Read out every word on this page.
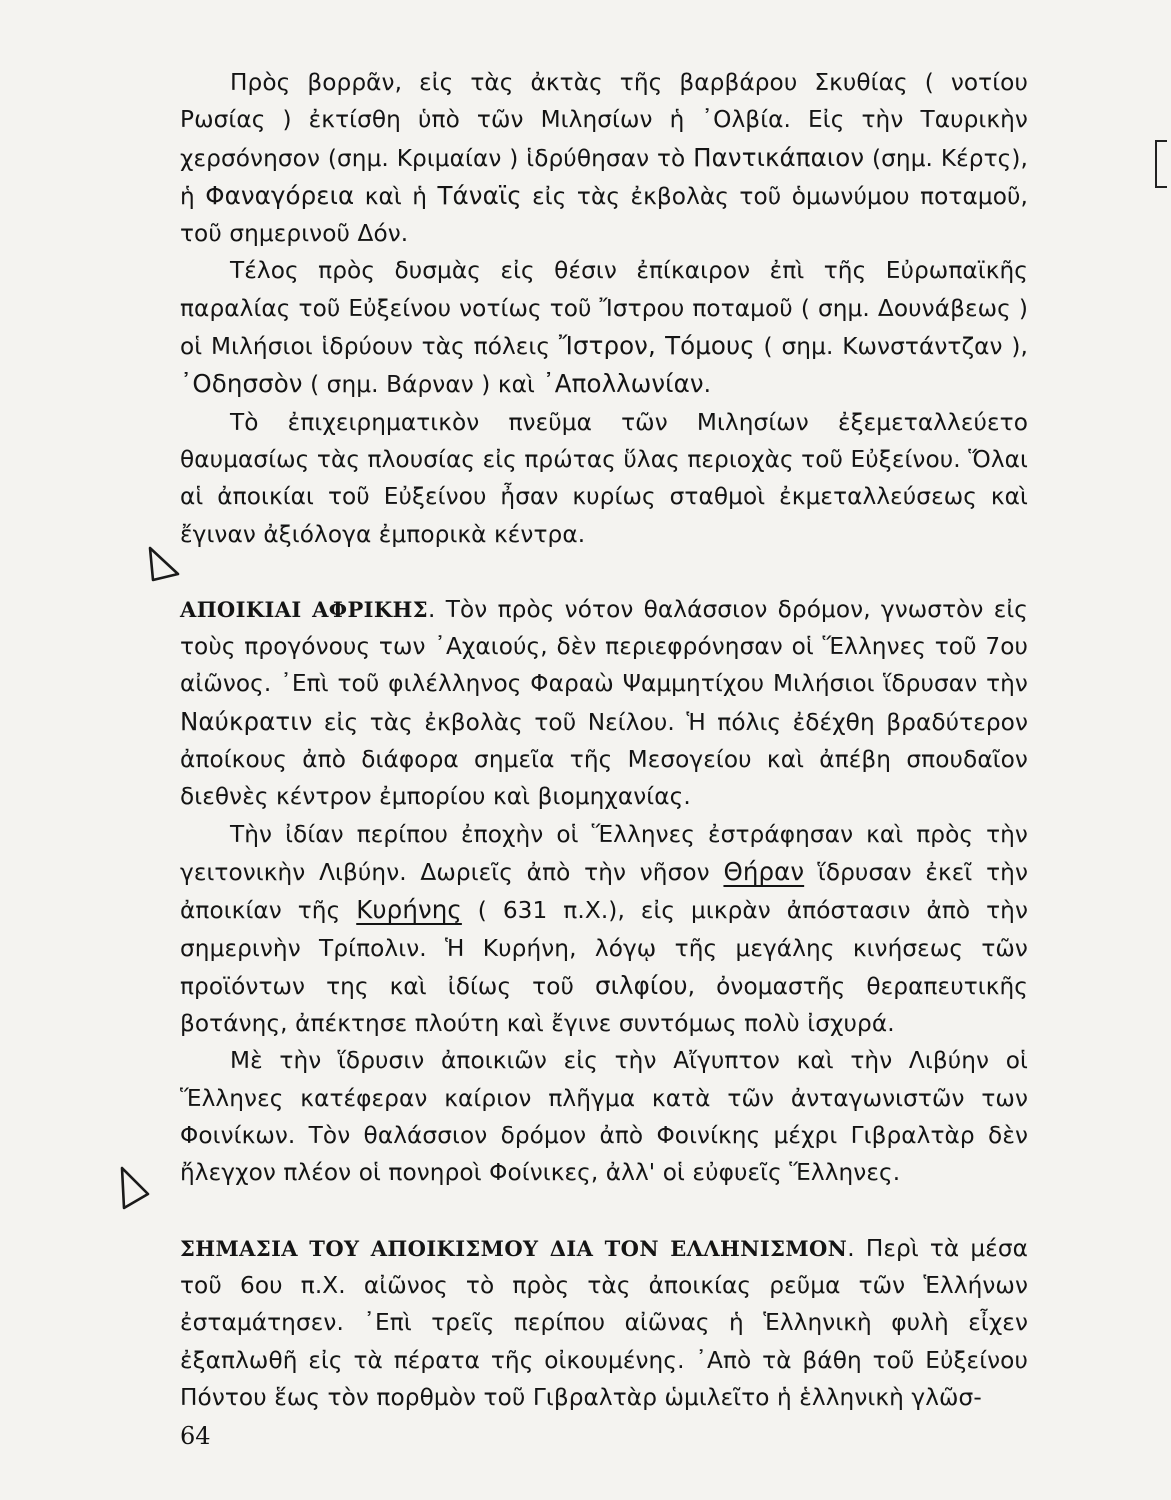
Πρὸς βορρᾶν, εἰς τὰς ἀκτὰς τῆς βαρβάρου Σκυθίας ( νοτίου Ρωσίας ) ἐκτίσθη ὑπὸ τῶν Μιλησίων ἡ ᾿Ολβία. Εἰς τὴν Ταυρικὴν χερσόνησον (σημ. Κριμαίαν ) ἱδρύθησαν τὸ Παντικάπαιον (σημ. Κέρτς), ἡ Φαναγόρεια καὶ ἡ Τάναϊς εἰς τὰς ἐκβολὰς τοῦ ὁμωνύμου ποταμοῦ, τοῦ σημερινοῦ Δόν.

Τέλος πρὸς δυσμὰς εἰς θέσιν ἐπίκαιρον ἐπὶ τῆς Εὐρωπαϊκῆς παραλίας τοῦ Εὐξείνου νοτίως τοῦ Ἴστρου ποταμοῦ ( σημ. Δουνάβεως ) οἱ Μιλήσιοι ἱδρύουν τὰς πόλεις Ἴστρον, Τόμους ( σημ. Κωνστάντζαν ), ᾿Οδησσὸν ( σημ. Βάρναν ) καὶ ᾿Απολλωνίαν.

Τὸ ἐπιχειρηματικὸν πνεῦμα τῶν Μιλησίων ἐξεμεταλλεύετο θαυμασίως τὰς πλουσίας εἰς πρώτας ὕλας περιοχὰς τοῦ Εὐξείνου. Ὅλαι αἱ ἀποικίαι τοῦ Εὐξείνου ἦσαν κυρίως σταθμοὶ ἐκμεταλλεύσεως καὶ ἔγιναν ἀξιόλογα ἐμπορικὰ κέντρα.

ΑΠΟΙΚΙΑΙ ΑΦΡΙΚΗΣ. Τὸν πρὸς νότον θαλάσσιον δρόμον, γνωστὸν εἰς τοὺς προγόνους των ᾿Αχαιούς, δὲν περιεφρόνησαν οἱ Ἕλληνες τοῦ 7ου αἰῶνος. ᾿Επὶ τοῦ φιλέλληνος Φαραὼ Ψαμμητίχου Μιλήσιοι ἵδρυσαν τὴν Ναύκρατιν εἰς τὰς ἐκβολὰς τοῦ Νείλου. Ἡ πόλις ἐδέχθη βραδύτερον ἀποίκους ἀπὸ διάφορα σημεῖα τῆς Μεσογείου καὶ ἀπέβη σπουδαῖον διεθνὲς κέντρον ἐμπορίου καὶ βιομηχανίας.

Τὴν ἰδίαν περίπου ἐποχὴν οἱ Ἕλληνες ἐστράφησαν καὶ πρὸς τὴν γειτονικὴν Λιβύην. Δωριεῖς ἀπὸ τὴν νῆσον Θήραν ἵδρυσαν ἐκεῖ τὴν ἀποικίαν τῆς Κυρήνης ( 631 π.Χ.), εἰς μικρὰν ἀπόστασιν ἀπὸ τὴν σημερινὴν Τρίπολιν. Ἡ Κυρήνη, λόγῳ τῆς μεγάλης κινήσεως τῶν προϊόντων της καὶ ἰδίως τοῦ σιλφίου, ὀνομαστῆς θεραπευτικῆς βοτάνης, ἀπέκτησε πλούτη καὶ ἔγινε συντόμως πολὺ ἰσχυρά.

Μὲ τὴν ἵδρυσιν ἀποικιῶν εἰς τὴν Αἴγυπτον καὶ τὴν Λιβύην οἱ Ἕλληνες κατέφεραν καίριον πλῆγμα κατὰ τῶν ἀνταγωνιστῶν των Φοινίκων. Τὸν θαλάσσιον δρόμον ἀπὸ Φοινίκης μέχρι Γιβραλτὰρ δὲν ἤλεγχον πλέον οἱ πονηροὶ Φοίνικες, ἀλλ' οἱ εὐφυεῖς Ἕλληνες.

ΣΗΜΑΣΙΑ ΤΟΥ ΑΠΟΙΚΙΣΜΟΥ ΔΙΑ ΤΟΝ ΕΛΛΗΝΙΣΜΟΝ. Περὶ τὰ μέσα τοῦ 6ου π.Χ. αἰῶνος τὸ πρὸς τὰς ἀποικίας ρεῦμα τῶν Ἑλλήνων ἐσταμάτησεν. ᾿Επὶ τρεῖς περίπου αἰῶνας ἡ Ἑλληνικὴ φυλὴ εἶχεν ἐξαπλωθῆ εἰς τὰ πέρατα τῆς οἰκουμένης. ᾿Απὸ τὰ βάθη τοῦ Εὐξείνου Πόντου ἕως τὸν πορθμὸν τοῦ Γιβραλτὰρ ὡμιλεῖτο ἡ ἑλληνικὴ γλῶσ-

64
